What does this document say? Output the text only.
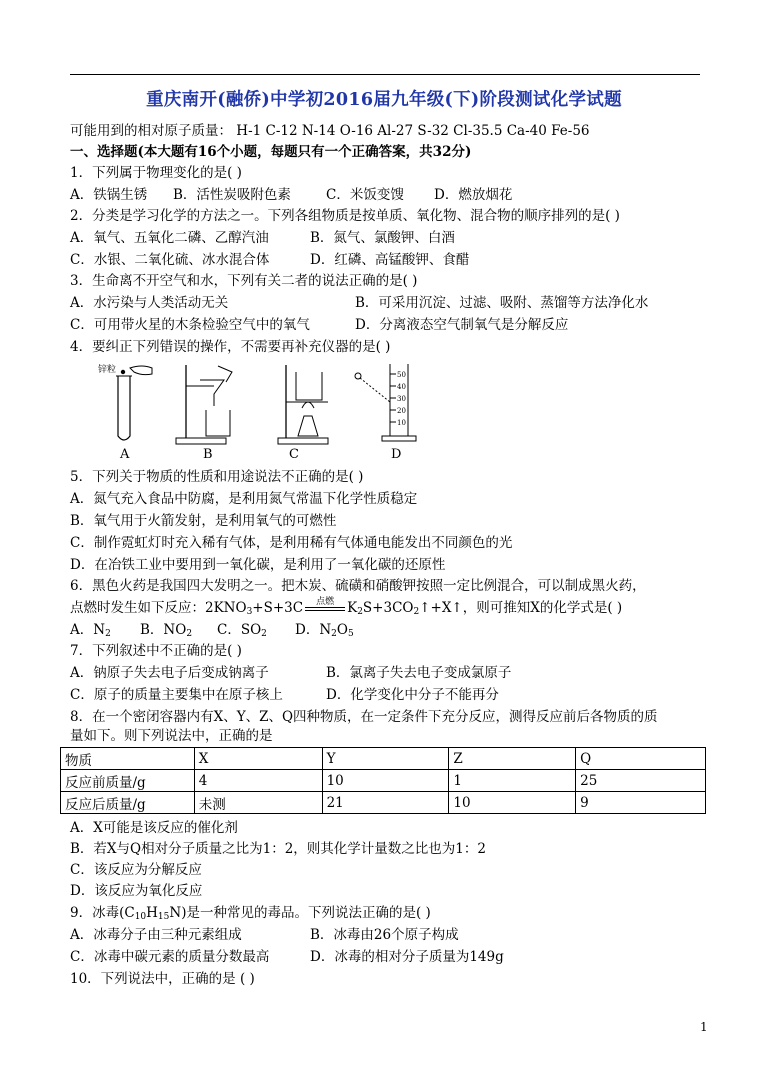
重庆南开(融侨)中学初2016届九年级(下)阶段测试化学试题
可能用到的相对原子质量： H-1 C-12 N-14 O-16 Al-27 S-32 Cl-35.5 Ca-40 Fe-56
一、选择题(本大题有16个小题，每题只有一个正确答案，共32分)
1．下列属于物理变化的是( )
A．铁锅生锈 B．活性炭吸附色素	C．米饭变馊 D．燃放烟花
2．分类是学习化学的方法之一。下列各组物质是按单质、氧化物、混合物的顺序排列的是( )
A．氧气、五氧化二磷、乙醇汽油	B．氮气、氯酸钾、白酒
C．水银、二氧化硫、冰水混合体	D．红磷、高锰酸钾、食醋
3．生命离不开空气和水，下列有关二者的说法正确的是( )
A．水污染与人类活动无关	B．可采用沉淀、过滤、吸附、蒸馏等方法净化水
C．可用带火星的木条检验空气中的氧气	D．分离液态空气制氧气是分解反应
4．要纠正下列错误的操作，不需要再补充仪器的是( )
锌粒	50
40
30
20
10
A	B	C	D
5．下列关于物质的性质和用途说法不正确的是( )
A．氮气充入食品中防腐，是利用氮气常温下化学性质稳定
B．氧气用于火箭发射，是利用氧气的可燃性
C．制作霓虹灯时充入稀有气体，是利用稀有气体通电能发出不同颜色的光
D．在冶铁工业中要用到一氧化碳，是利用了一氧化碳的还原性
6．黑色火药是我国四大发明之一。把木炭、硫磺和硝酸钾按照一定比例混合，可以制成黑火药，
点燃时发生如下反应：$2KNO_3+S+3C$	点燃 $K_2S+3CO_2↑+X↑$，则可推知X的化学式是( )
A．$N_2$ B．$NO_2$ C．$SO_2$ D．$N_2O_5$
7．下列叙述中不正确的是( )
A．钠原子失去电子后变成钠离子	B．氯离子失去电子变成氯原子
C．原子的质量主要集中在原子核上	D．化学变化中分子不能再分
8．在一个密闭容器内有X、Y、Z、Q四种物质，在一定条件下充分反应，测得反应前后各物质的质
量如下。则下列说法中，正确的是
物质	X	Y	Z	Q
反应前质量/g	4	10	1	25
反应后质量/g	未测	21	10	9
A．X可能是该反应的催化剂
B．若X与Q相对分子质量之比为1：2，则其化学计量数之比也为1：2
C．该反应为分解反应
D．该反应为氧化反应
9．冰毒$(C_{10}H_{15}N)$是一种常见的毒品。下列说法正确的是( )
A．冰毒分子由三种元素组成	B．冰毒由26个原子构成
C．冰毒中碳元素的质量分数最高	D．冰毒的相对分子质量为149g
10．下列说法中，正确的是 ( )
1
